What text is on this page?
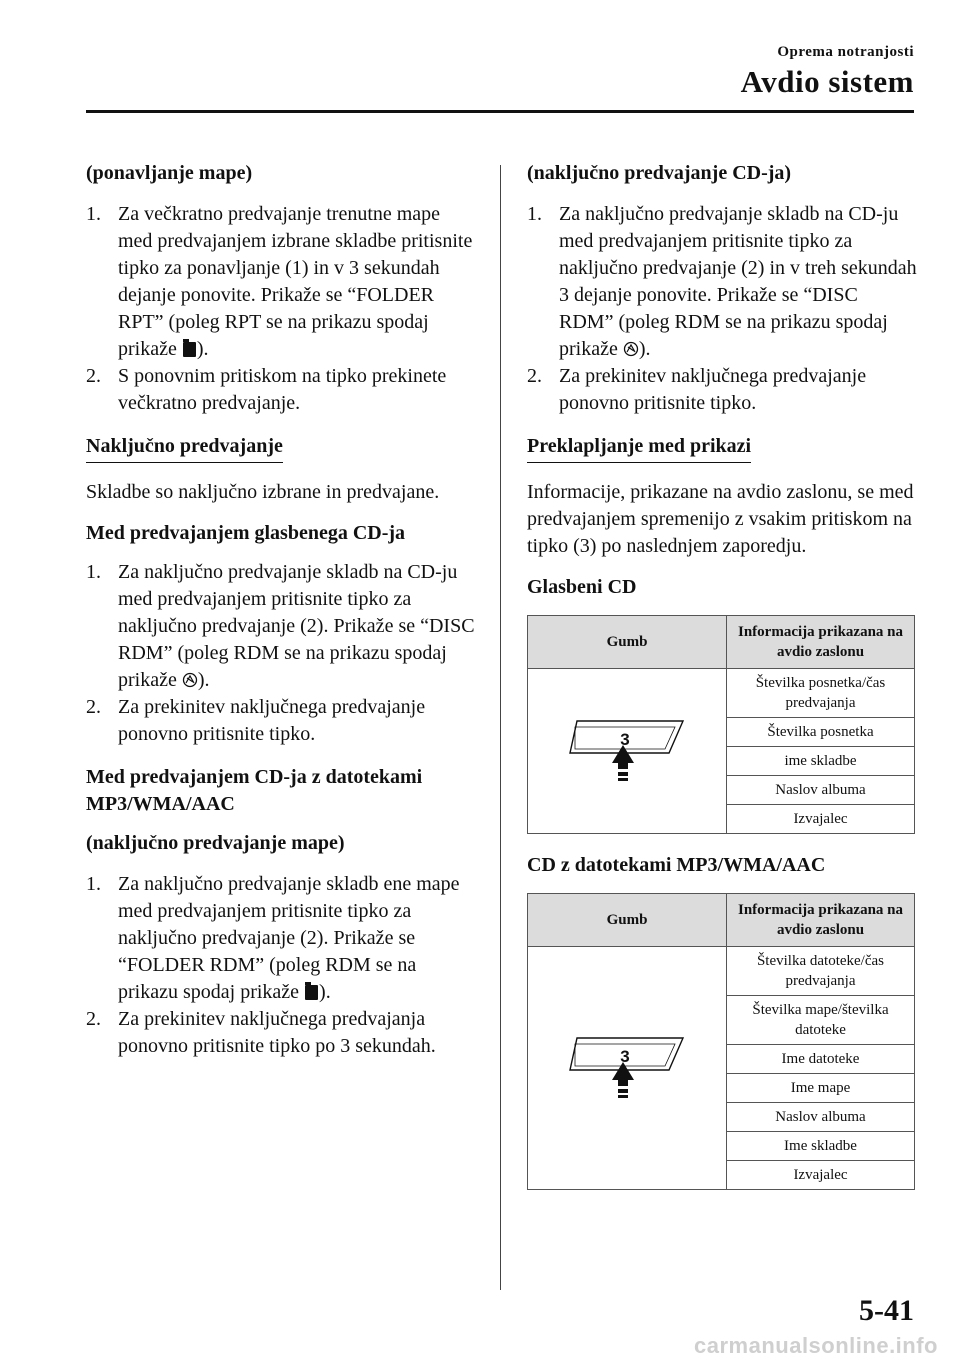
Oprema notranjosti
Avdio sistem
(ponavljanje mape)
1. Za večkratno predvajanje trenutne mape med predvajanjem izbrane skladbe pritisnite tipko za ponavljanje (1) in v 3 sekundah dejanje ponovite. Prikaže se “FOLDER RPT” (poleg RPT se na prikazu spodaj prikaže ).
2. S ponovnim pritiskom na tipko prekinete večkratno predvajanje.
Naključno predvajanje
Skladbe so naključno izbrane in predvajane.
Med predvajanjem glasbenega CD-ja
1. Za naključno predvajanje skladb na CD-ju med predvajanjem pritisnite tipko za naključno predvajanje (2). Prikaže se “DISC RDM” (poleg RDM se na prikazu spodaj prikaže ).
2. Za prekinitev naključnega predvajanje ponovno pritisnite tipko.
Med predvajanjem CD-ja z datotekami MP3/WMA/AAC
(naključno predvajanje mape)
1. Za naključno predvajanje skladb ene mape med predvajanjem pritisnite tipko za naključno predvajanje (2). Prikaže se “FOLDER RDM” (poleg RDM se na prikazu spodaj prikaže ).
2. Za prekinitev naključnega predvajanja ponovno pritisnite tipko po 3 sekundah.
(naključno predvajanje CD-ja)
1. Za naključno predvajanje skladb na CD-ju med predvajanjem pritisnite tipko za naključno predvajanje (2) in v treh sekundah 3 dejanje ponovite. Prikaže se “DISC RDM” (poleg RDM se na prikazu spodaj prikaže ).
2. Za prekinitev naključnega predvajanje ponovno pritisnite tipko.
Preklapljanje med prikazi
Informacije, prikazane na avdio zaslonu, se med predvajanjem spremenijo z vsakim pritiskom na tipko (3) po naslednjem zaporedju.
Glasbeni CD
Gumb	Informacija prikazana na avdio zaslonu

3	Številka posnetka/čas predvajanja
	Številka posnetka
	ime skladbe
	Naslov albuma
	Izvajalec
CD z datotekami MP3/WMA/AAC
Gumb	Informacija prikazana na avdio zaslonu

3	Številka datoteke/čas predvajanja
	Številka mape/številka datoteke
	Ime datoteke
	Ime mape
	Naslov albuma
	Ime skladbe
	Izvajalec
5-41
carmanualsonline.info
